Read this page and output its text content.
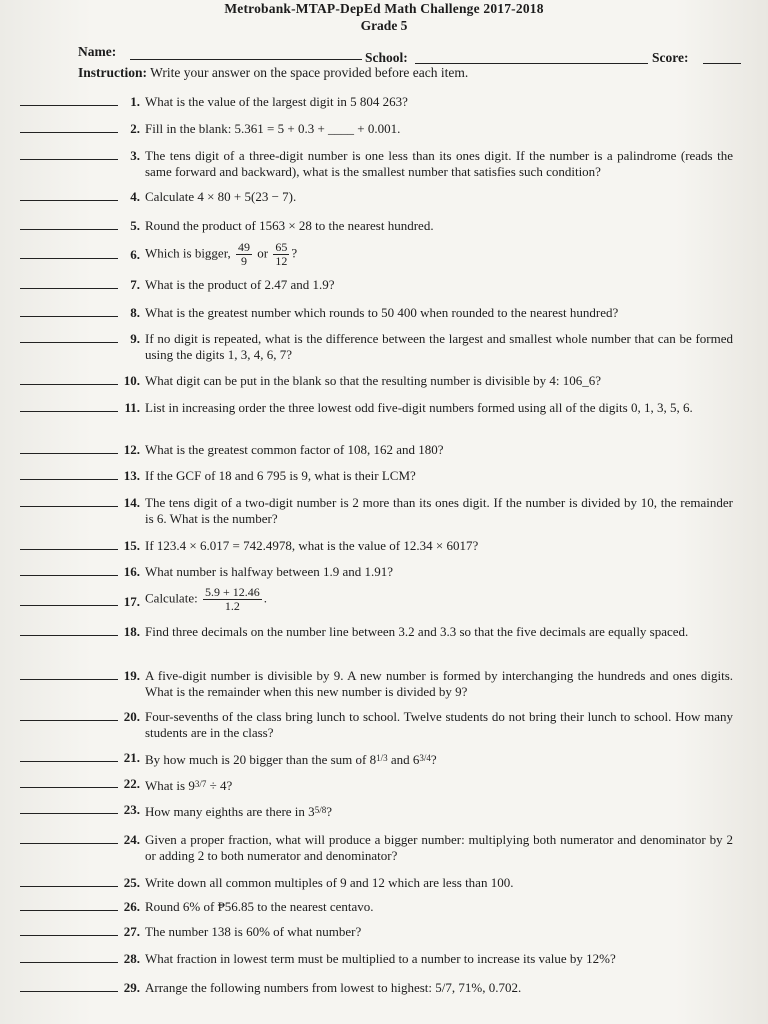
Metrobank-MTAP-DepEd Math Challenge 2017-2018
Grade 5
Name:	School:	Score:
Instruction: Write your answer on the space provided before each item.
1. What is the value of the largest digit in 5 804 263?
2. Fill in the blank: 5.361 = 5 + 0.3 + ____ + 0.001.
3. The tens digit of a three-digit number is one less than its ones digit. If the number is a palindrome (reads the same forward and backward), what is the smallest number that satisfies such condition?
4. Calculate 4 × 80 + 5(23 − 7).
5. Round the product of 1563 × 28 to the nearest hundred.
6. Which is bigger, $\frac{49}{9}$ or $\frac{65}{12}$ ?
7. What is the product of 2.47 and 1.9?
8. What is the greatest number which rounds to 50 400 when rounded to the nearest hundred?
9. If no digit is repeated, what is the difference between the largest and smallest whole number that can be formed using the digits 1, 3, 4, 6, 7?
10. What digit can be put in the blank so that the resulting number is divisible by 4: 106_6?
11. List in increasing order the three lowest odd five-digit numbers formed using all of the digits 0, 1, 3, 5, 6.
12. What is the greatest common factor of 108, 162 and 180?
13. If the GCF of 18 and 6 795 is 9, what is their LCM?
14. The tens digit of a two-digit number is 2 more than its ones digit. If the number is divided by 10, the remainder is 6. What is the number?
15. If 123.4 × 6.017 = 742.4978, what is the value of 12.34 × 6017?
16. What number is halfway between 1.9 and 1.91?
17. Calculate: $\frac{5.9 + 12.46}{1.2}$ .
18. Find three decimals on the number line between 3.2 and 3.3 so that the five decimals are equally spaced.
19. A five-digit number is divisible by 9. A new number is formed by interchanging the hundreds and ones digits. What is the remainder when this new number is divided by 9?
20. Four-sevenths of the class bring lunch to school. Twelve students do not bring their lunch to school. How many students are in the class?
21. By how much is 20 bigger than the sum of $8^{1/3}$ and $6^{3/4}$?
22. What is $9^{3/7} \div 4$?
23. How many eighths are there in $3^{5/8}$?
24. Given a proper fraction, what will produce a bigger number: multiplying both numerator and denominator by 2 or adding 2 to both numerator and denominator?
25. Write down all common multiples of 9 and 12 which are less than 100.
26. Round 6% of ₱56.85 to the nearest centavo.
27. The number 138 is 60% of what number?
28. What fraction in lowest term must be multiplied to a number to increase its value by 12%?
29. Arrange the following numbers from lowest to highest: 5/7, 71%, 0.702.
